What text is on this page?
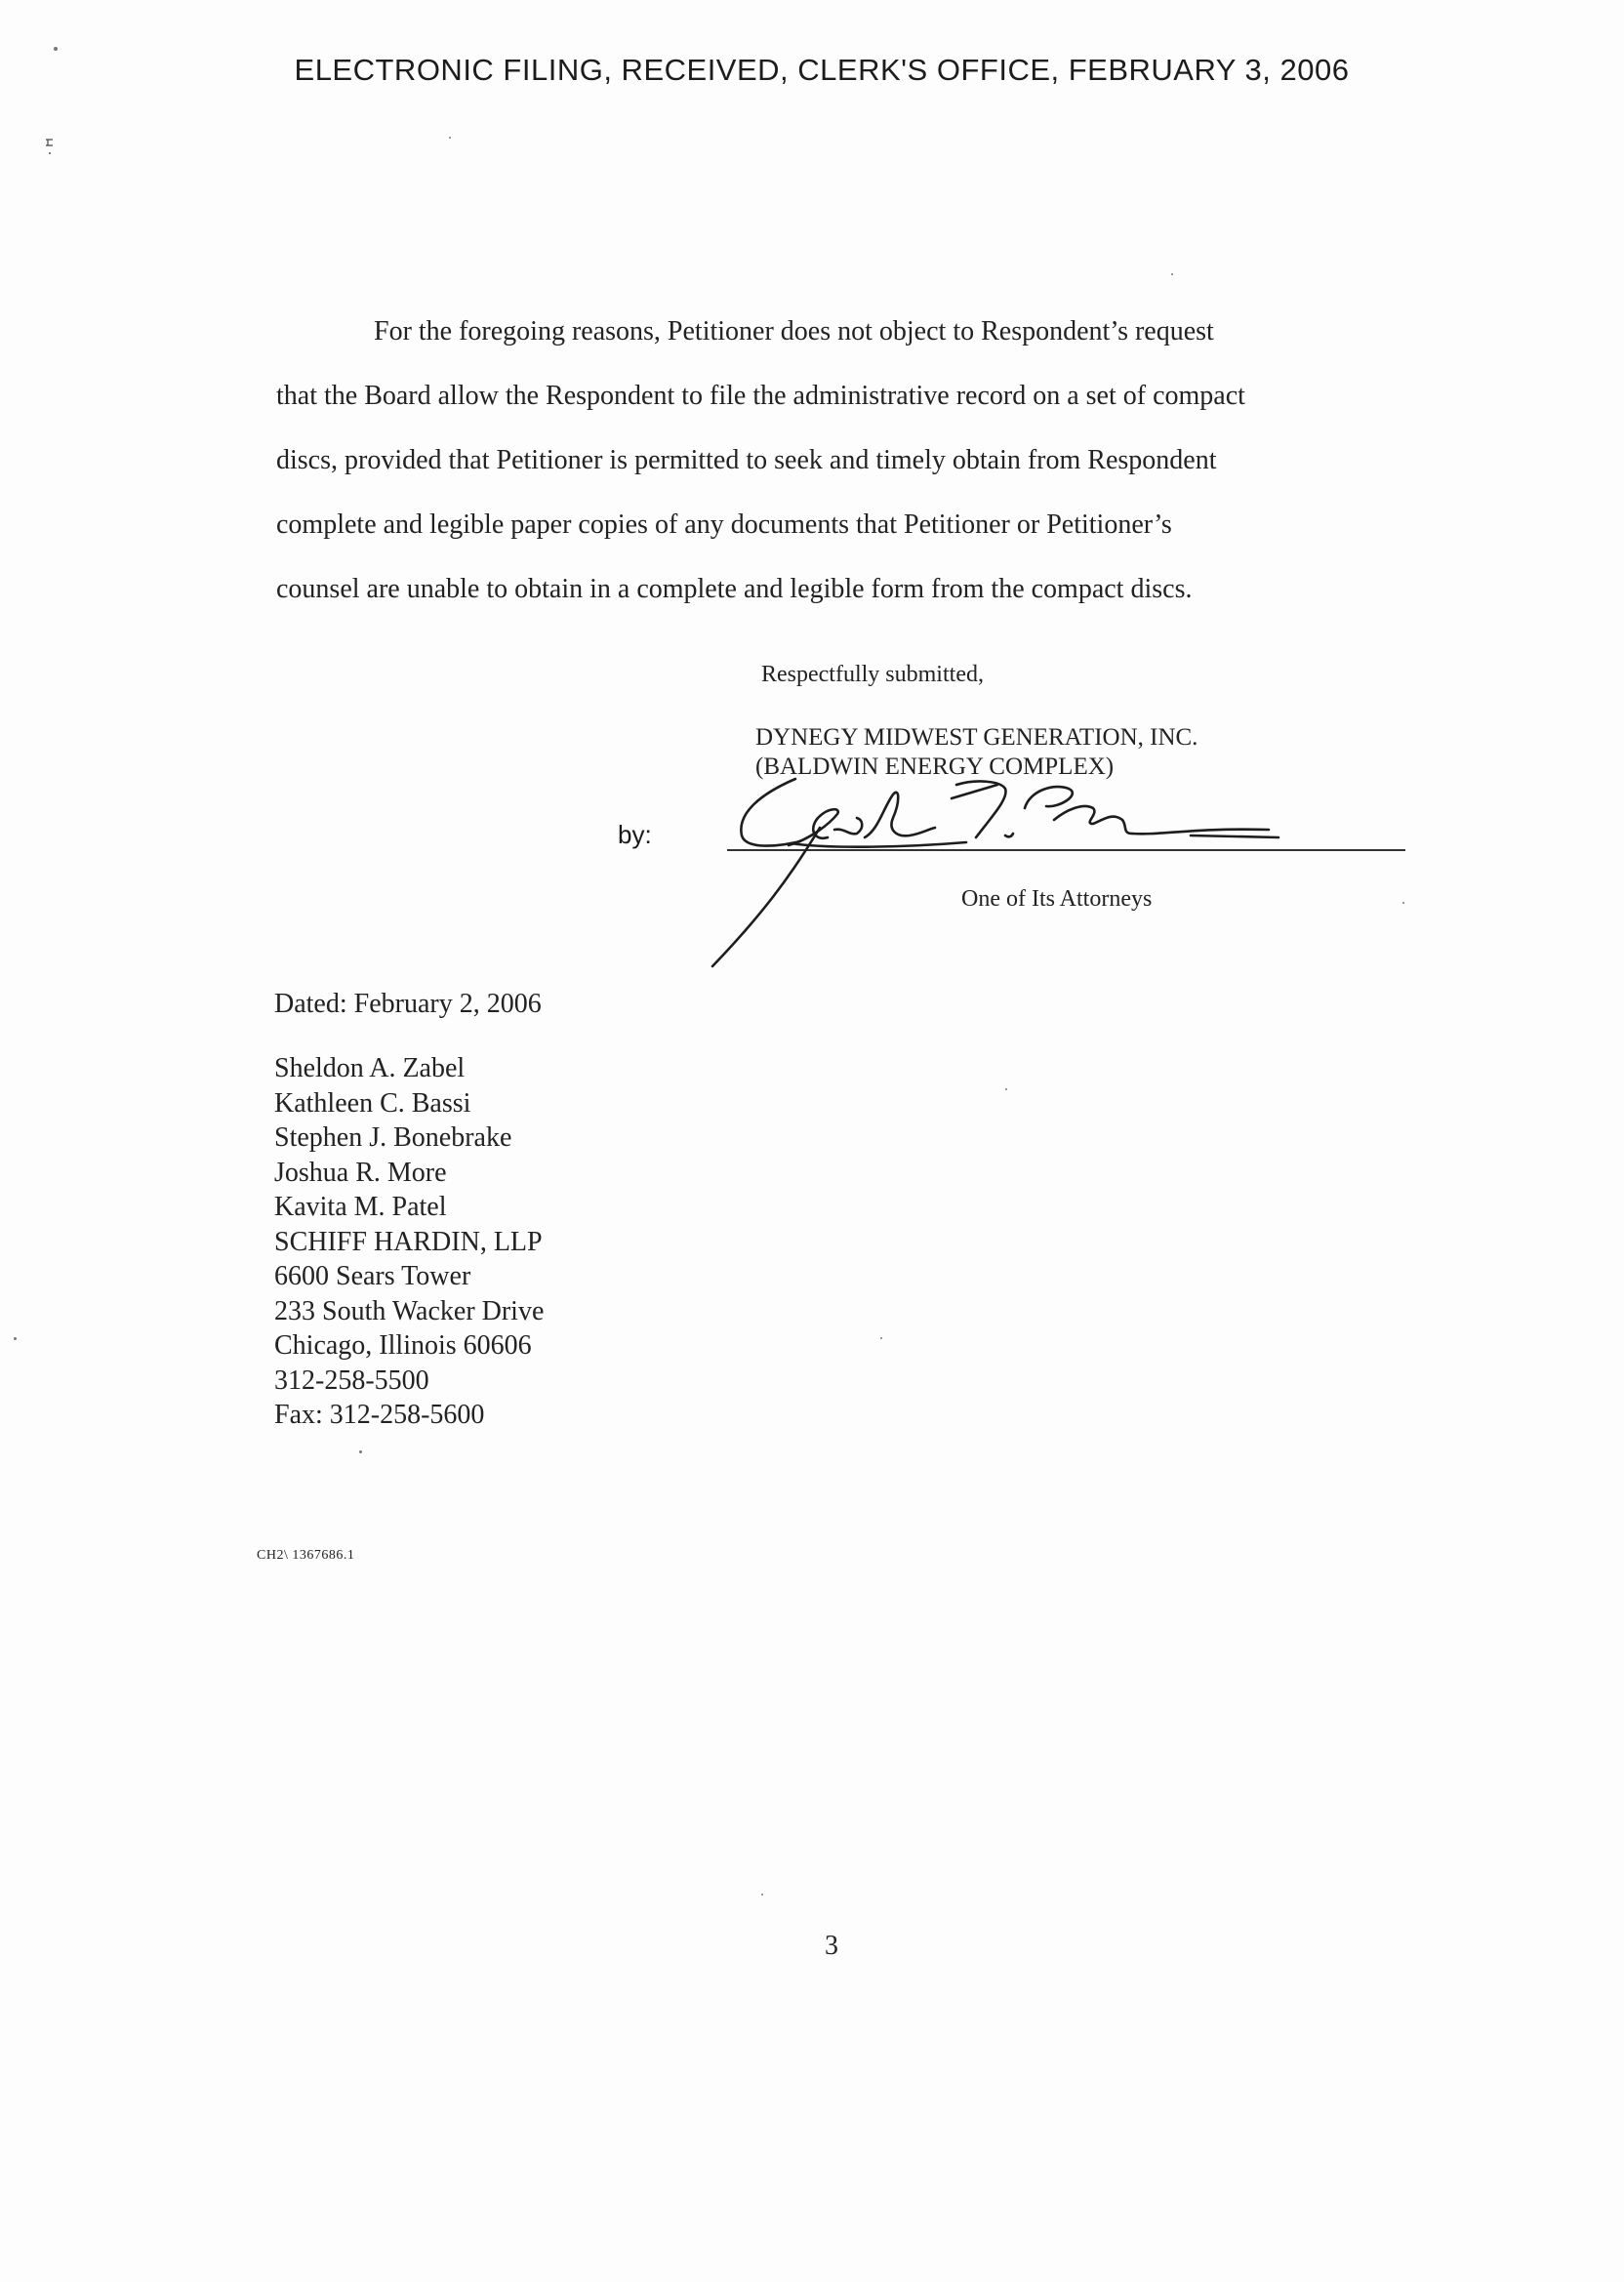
ELECTRONIC FILING, RECEIVED, CLERK'S OFFICE, FEBRUARY 3, 2006
For the foregoing reasons, Petitioner does not object to Respondent’s request
that the Board allow the Respondent to file the administrative record on a set of compact
discs, provided that Petitioner is permitted to seek and timely obtain from Respondent
complete and legible paper copies of any documents that Petitioner or Petitioner’s
counsel are unable to obtain in a complete and legible form from the compact discs.
Respectfully submitted,
DYNEGY MIDWEST GENERATION, INC.
(BALDWIN ENERGY COMPLEX)
by:
One of Its Attorneys
Dated: February 2, 2006
Sheldon A. Zabel
Kathleen C. Bassi
Stephen J. Bonebrake
Joshua R. More
Kavita M. Patel
SCHIFF HARDIN, LLP
6600 Sears Tower
233 South Wacker Drive
Chicago, Illinois 60606
312-258-5500
Fax: 312-258-5600
CH2\ 1367686.1
3
